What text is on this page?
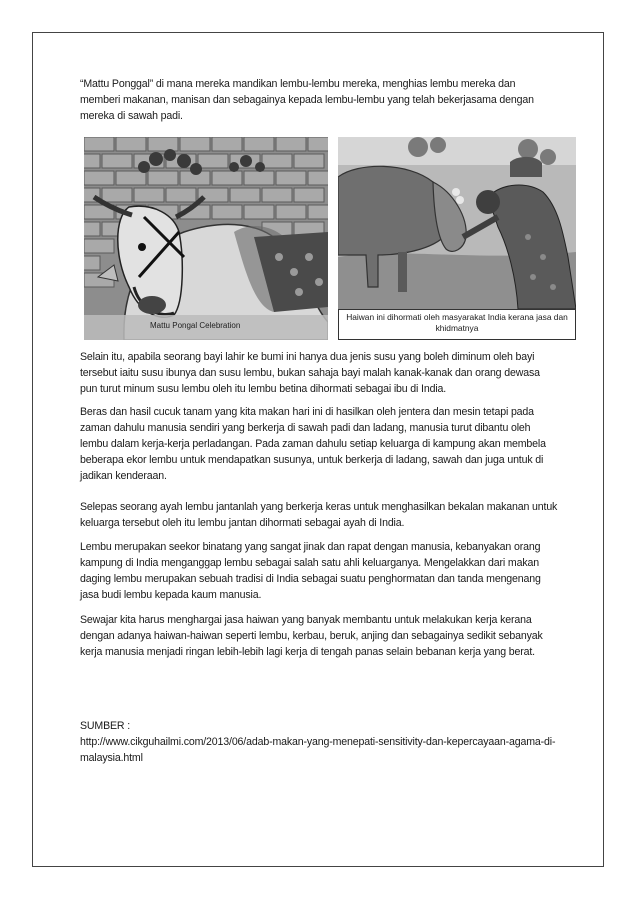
“Mattu Ponggal” di mana mereka mandikan lembu-lembu mereka, menghias lembu mereka dan memberi makanan, manisan dan sebagainya kepada lembu-lembu yang telah bekerjasama dengan mereka di sawah padi.

Mattu Pongal Celebration
Haiwan ini dihormati oleh masyarakat India kerana jasa dan khidmatnya

Selain itu, apabila seorang bayi lahir ke bumi ini hanya dua jenis susu yang boleh diminum oleh bayi tersebut iaitu susu ibunya dan susu lembu, bukan sahaja bayi malah kanak-kanak dan orang dewasa pun turut minum susu lembu oleh itu lembu betina dihormati sebagai ibu di India.

Beras dan hasil cucuk tanam yang kita makan hari ini di hasilkan oleh jentera dan mesin tetapi pada zaman dahulu manusia sendiri yang berkerja di sawah padi dan ladang, manusia turut dibantu oleh lembu dalam kerja-kerja perladangan. Pada zaman dahulu setiap keluarga di kampung akan membela beberapa ekor lembu untuk mendapatkan susunya, untuk berkerja di ladang, sawah dan juga untuk di jadikan kenderaan.

Selepas seorang ayah lembu jantanlah yang berkerja keras untuk menghasilkan bekalan makanan untuk keluarga tersebut oleh itu lembu jantan dihormati sebagai ayah di India.

Lembu merupakan seekor binatang yang sangat jinak dan rapat dengan manusia, kebanyakan orang kampung di India menganggap lembu sebagai salah satu ahli keluarganya. Mengelakkan dari makan daging lembu merupakan sebuah tradisi di India sebagai suatu penghormatan dan tanda mengenang jasa budi lembu kepada kaum manusia.

Sewajar kita harus menghargai jasa haiwan yang banyak membantu untuk melakukan kerja kerana dengan adanya haiwan-haiwan seperti lembu, kerbau, beruk, anjing dan sebagainya sedikit sebanyak kerja manusia menjadi ringan lebih-lebih lagi kerja di tengah panas selain bebanan kerja yang berat.

SUMBER :

http://www.cikguhailmi.com/2013/06/adab-makan-yang-menepati-sensitivity-dan-kepercayaan-agama-di-malaysia.html
